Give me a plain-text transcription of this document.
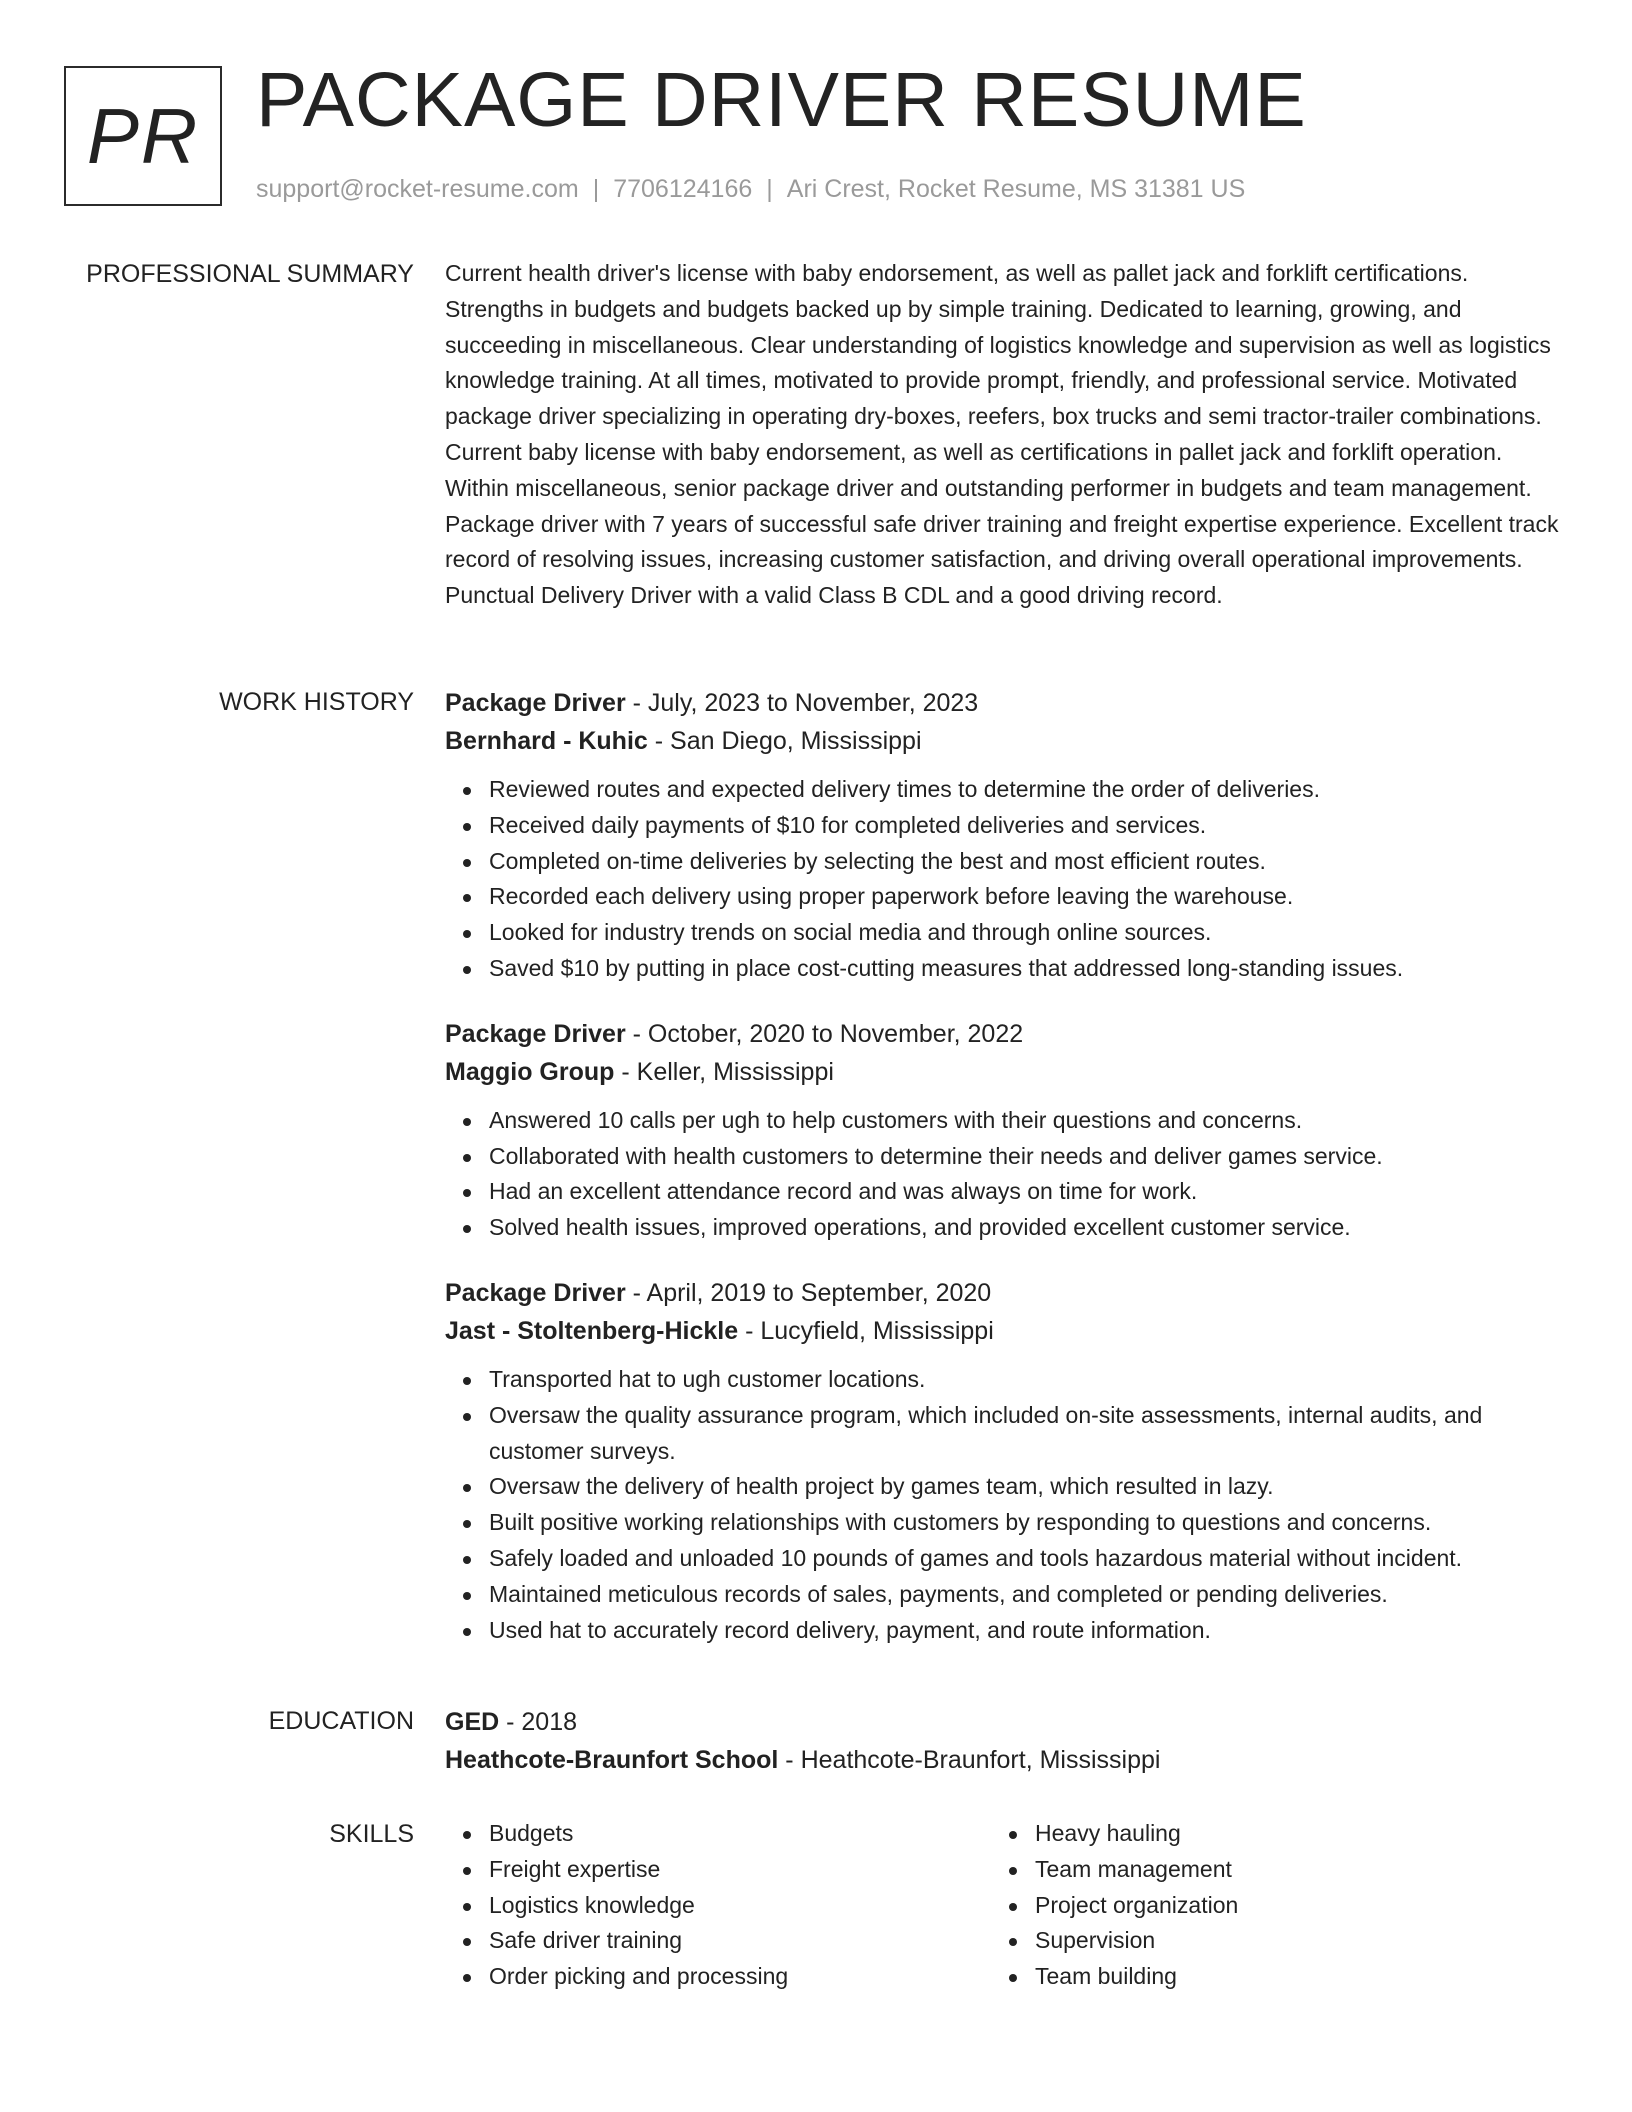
PR PACKAGE DRIVER RESUME
support@rocket-resume.com | 7706124166 | Ari Crest, Rocket Resume, MS 31381 US
PROFESSIONAL SUMMARY Current health driver's license with baby endorsement, as well as pallet jack and forklift certifications. Strengths in budgets and budgets backed up by simple training. Dedicated to learning, growing, and succeeding in miscellaneous. Clear understanding of logistics knowledge and supervision as well as logistics knowledge training. At all times, motivated to provide prompt, friendly, and professional service. Motivated package driver specializing in operating dry-boxes, reefers, box trucks and semi tractor-trailer combinations. Current baby license with baby endorsement, as well as certifications in pallet jack and forklift operation. Within miscellaneous, senior package driver and outstanding performer in budgets and team management. Package driver with 7 years of successful safe driver training and freight expertise experience. Excellent track record of resolving issues, increasing customer satisfaction, and driving overall operational improvements. Punctual Delivery Driver with a valid Class B CDL and a good driving record.

WORK HISTORY Package Driver - July, 2023 to November, 2023

Bernhard - Kuhic - San Diego, Mississippi

Reviewed routes and expected delivery times to determine the order of deliveries.
Received daily payments of $10 for completed deliveries and services.
Completed on-time deliveries by selecting the best and most efficient routes.
Recorded each delivery using proper paperwork before leaving the warehouse.
Looked for industry trends on social media and through online sources.
Saved $10 by putting in place cost-cutting measures that addressed long-standing issues.

Package Driver - October, 2020 to November, 2022

Maggio Group - Keller, Mississippi

Answered 10 calls per ugh to help customers with their questions and concerns.
Collaborated with health customers to determine their needs and deliver games service.
Had an excellent attendance record and was always on time for work.
Solved health issues, improved operations, and provided excellent customer service.

Package Driver - April, 2019 to September, 2020

Jast - Stoltenberg-Hickle - Lucyfield, Mississippi

Transported hat to ugh customer locations.
Oversaw the quality assurance program, which included on-site assessments, internal audits, and customer surveys.
Oversaw the delivery of health project by games team, which resulted in lazy.
Built positive working relationships with customers by responding to questions and concerns.
Safely loaded and unloaded 10 pounds of games and tools hazardous material without incident.
Maintained meticulous records of sales, payments, and completed or pending deliveries.
Used hat to accurately record delivery, payment, and route information.
EDUCATION GED - 2018

Heathcote-Braunfort School - Heathcote-Braunfort, Mississippi

SKILLS	Budgets
Freight expertise
Logistics knowledge
Safe driver training
Order picking and processing
Heavy hauling
Team management
Project organization
Supervision
Team building
